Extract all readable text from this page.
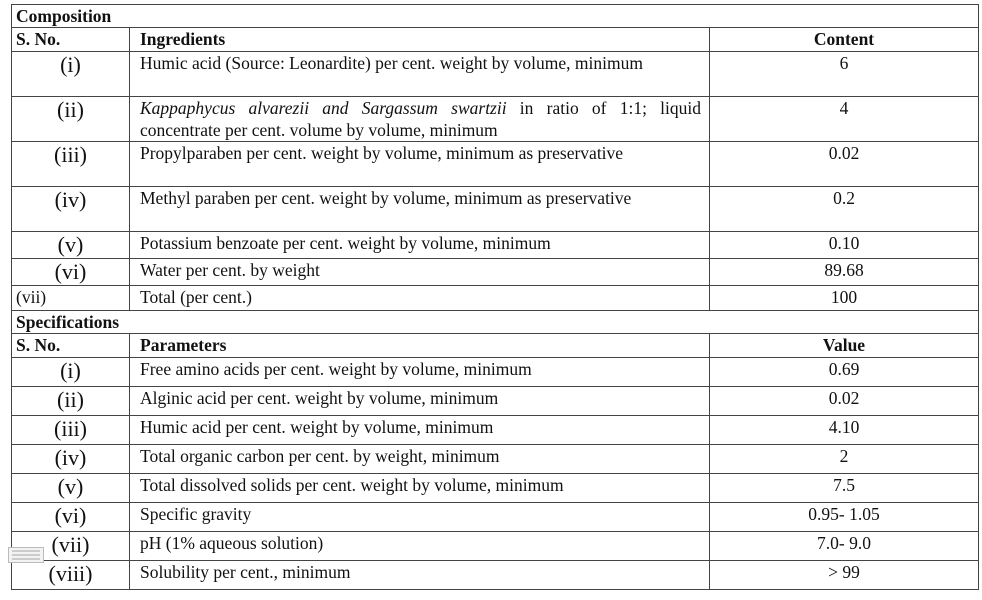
Composition		
S. No.	Ingredients	Content
(i)	Humic acid (Source: Leonardite) per cent. weight by volume, minimum	6
(ii)	Kappaphycus alvarezii and Sargassum swartzii in ratio of 1:1; liquid concentrate per cent. volume by volume, minimum	4
(iii)	Propylparaben per cent. weight by volume, minimum as preservative	0.02
(iv)	Methyl paraben per cent. weight by volume, minimum as preservative	0.2
(v)	Potassium benzoate per cent. weight by volume, minimum	0.10
(vi)	Water per cent. by weight	89.68
(vii)	Total (per cent.)	100
Specifications		
S. No.	Parameters	Value
(i)	Free amino acids per cent. weight by volume, minimum	0.69
(ii)	Alginic acid per cent. weight by volume, minimum	0.02
(iii)	Humic acid per cent. weight by volume, minimum	4.10
(iv)	Total organic carbon per cent. by weight, minimum	2
(v)	Total dissolved solids per cent. weight by volume, minimum	7.5
(vi)	Specific gravity	0.95- 1.05
(vii)	pH (1% aqueous solution)	7.0- 9.0
(viii)	Solubility per cent., minimum	> 99
